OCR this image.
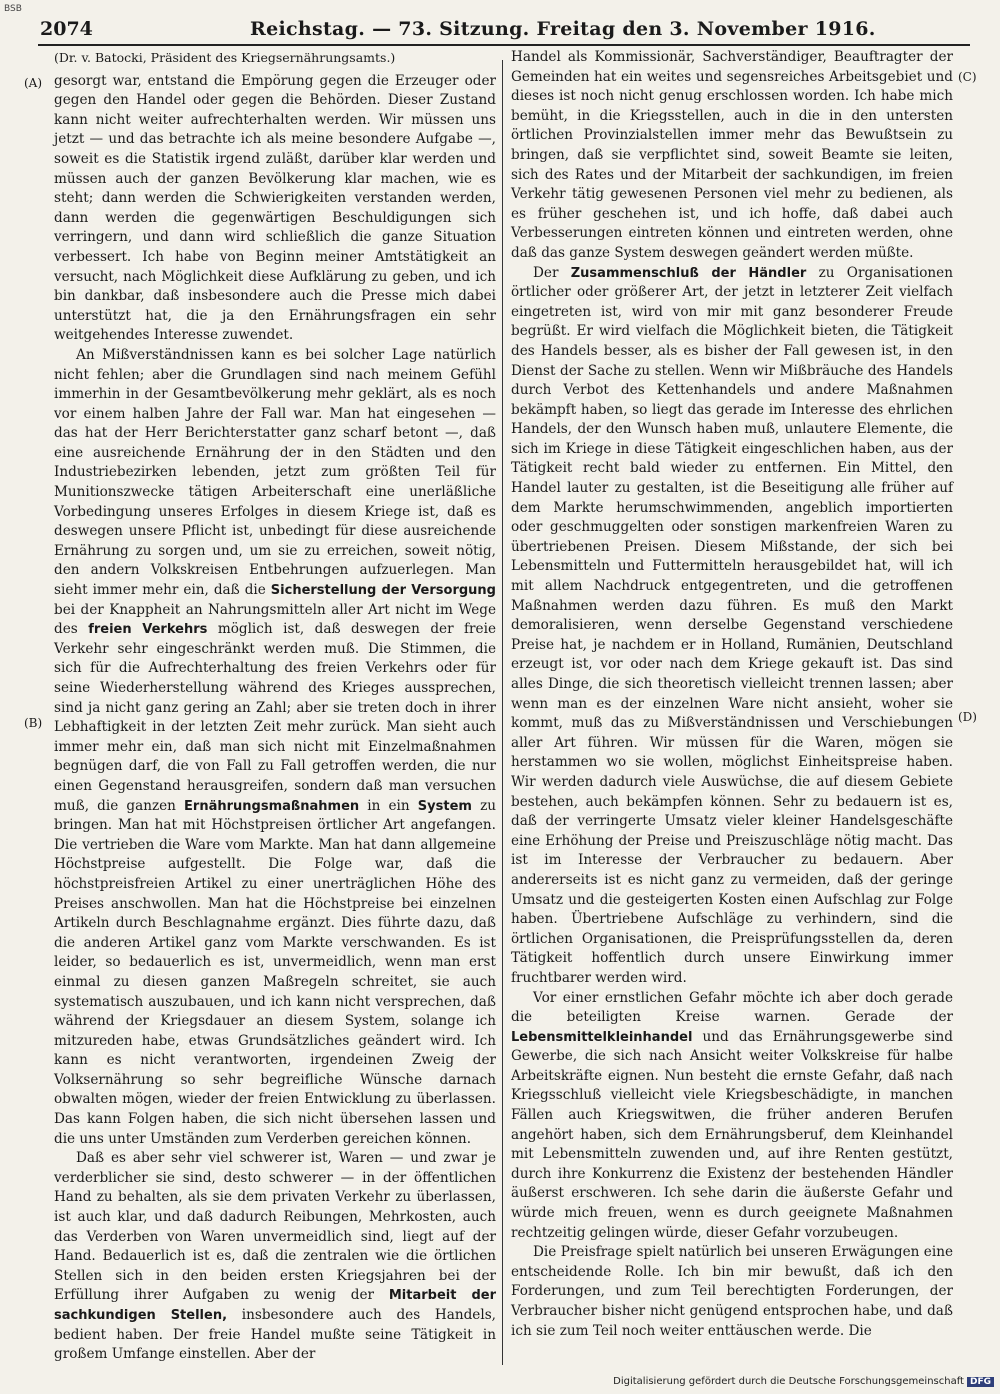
BSB
2074	Reichstag. — 73. Sitzung. Freitag den 3. November 1916.
(A)
(B)
(C)
(D)
(Dr. v. Batocki, Präsident des Kriegsernährungsamts.)

gesorgt war, entstand die Empörung gegen die Erzeuger oder gegen den Handel oder gegen die Behörden. Dieser Zustand kann nicht weiter aufrechterhalten werden. Wir müssen uns jetzt — und das betrachte ich als meine besondere Aufgabe —, soweit es die Statistik irgend zuläßt, darüber klar werden und müssen auch der ganzen Bevölkerung klar machen, wie es steht; dann werden die Schwierigkeiten verstanden werden, dann werden die gegenwärtigen Beschuldigungen sich verringern, und dann wird schließlich die ganze Situation verbessert. Ich habe von Beginn meiner Amtstätigkeit an versucht, nach Möglichkeit diese Aufklärung zu geben, und ich bin dankbar, daß insbesondere auch die Presse mich dabei unterstützt hat, die ja den Ernährungsfragen ein sehr weitgehendes Interesse zuwendet.

An Mißverständnissen kann es bei solcher Lage natürlich nicht fehlen; aber die Grundlagen sind nach meinem Gefühl immerhin in der Gesamtbevölkerung mehr geklärt, als es noch vor einem halben Jahre der Fall war. Man hat eingesehen — das hat der Herr Berichterstatter ganz scharf betont —, daß eine ausreichende Ernährung der in den Städten und den Industriebezirken lebenden, jetzt zum größten Teil für Munitionszwecke tätigen Arbeiterschaft eine unerläßliche Vorbedingung unseres Erfolges in diesem Kriege ist, daß es deswegen unsere Pflicht ist, unbedingt für diese ausreichende Ernährung zu sorgen und, um sie zu erreichen, soweit nötig, den andern Volkskreisen Entbehrungen aufzuerlegen. Man sieht immer mehr ein, daß die Sicherstellung der Versorgung bei der Knappheit an Nahrungsmitteln aller Art nicht im Wege des freien Verkehrs möglich ist, daß deswegen der freie Verkehr sehr eingeschränkt werden muß. Die Stimmen, die sich für die Aufrechterhaltung des freien Verkehrs oder für seine Wiederherstellung während des Krieges aussprechen, sind ja nicht ganz gering an Zahl; aber sie treten doch in ihrer Lebhaftigkeit in der letzten Zeit mehr zurück. Man sieht auch immer mehr ein, daß man sich nicht mit Einzelmaßnahmen begnügen darf, die von Fall zu Fall getroffen werden, die nur einen Gegenstand herausgreifen, sondern daß man versuchen muß, die ganzen Ernährungsmaßnahmen in ein System zu bringen. Man hat mit Höchstpreisen örtlicher Art angefangen. Die vertrieben die Ware vom Markte. Man hat dann allgemeine Höchstpreise aufgestellt. Die Folge war, daß die höchstpreisfreien Artikel zu einer unerträglichen Höhe des Preises anschwollen. Man hat die Höchstpreise bei einzelnen Artikeln durch Beschlagnahme ergänzt. Dies führte dazu, daß die anderen Artikel ganz vom Markte verschwanden. Es ist leider, so bedauerlich es ist, unvermeidlich, wenn man erst einmal zu diesen ganzen Maßregeln schreitet, sie auch systematisch auszubauen, und ich kann nicht versprechen, daß während der Kriegsdauer an diesem System, solange ich mitzureden habe, etwas Grundsätzliches geändert wird. Ich kann es nicht verantworten, irgendeinen Zweig der Volksernährung so sehr begreifliche Wünsche darnach obwalten mögen, wieder der freien Entwicklung zu überlassen. Das kann Folgen haben, die sich nicht übersehen lassen und die uns unter Umständen zum Verderben gereichen können.

Daß es aber sehr viel schwerer ist, Waren — und zwar je verderblicher sie sind, desto schwerer — in der öffentlichen Hand zu behalten, als sie dem privaten Verkehr zu überlassen, ist auch klar, und daß dadurch Reibungen, Mehrkosten, auch das Verderben von Waren unvermeidlich sind, liegt auf der Hand. Bedauerlich ist es, daß die zentralen wie die örtlichen Stellen sich in den beiden ersten Kriegsjahren bei der Erfüllung ihrer Aufgaben zu wenig der Mitarbeit der sachkundigen Stellen, insbesondere auch des Handels, bedient haben. Der freie Handel mußte seine Tätigkeit in großem Umfange einstellen. Aber der

Handel als Kommissionär, Sachverständiger, Beauftragter der Gemeinden hat ein weites und segensreiches Arbeitsgebiet und dieses ist noch nicht genug erschlossen worden. Ich habe mich bemüht, in die Kriegsstellen, auch in die in den untersten örtlichen Provinzialstellen immer mehr das Bewußtsein zu bringen, daß sie verpflichtet sind, soweit Beamte sie leiten, sich des Rates und der Mitarbeit der sachkundigen, im freien Verkehr tätig gewesenen Personen viel mehr zu bedienen, als es früher geschehen ist, und ich hoffe, daß dabei auch Verbesserungen eintreten können und eintreten werden, ohne daß das ganze System deswegen geändert werden müßte.

Der Zusammenschluß der Händler zu Organisationen örtlicher oder größerer Art, der jetzt in letzterer Zeit vielfach eingetreten ist, wird von mir mit ganz besonderer Freude begrüßt. Er wird vielfach die Möglichkeit bieten, die Tätigkeit des Handels besser, als es bisher der Fall gewesen ist, in den Dienst der Sache zu stellen. Wenn wir Mißbräuche des Handels durch Verbot des Kettenhandels und andere Maßnahmen bekämpft haben, so liegt das gerade im Interesse des ehrlichen Handels, der den Wunsch haben muß, unlautere Elemente, die sich im Kriege in diese Tätigkeit eingeschlichen haben, aus der Tätigkeit recht bald wieder zu entfernen. Ein Mittel, den Handel lauter zu gestalten, ist die Beseitigung alle früher auf dem Markte herumschwimmenden, angeblich importierten oder geschmuggelten oder sonstigen markenfreien Waren zu übertriebenen Preisen. Diesem Mißstande, der sich bei Lebensmitteln und Futtermitteln herausgebildet hat, will ich mit allem Nachdruck entgegentreten, und die getroffenen Maßnahmen werden dazu führen. Es muß den Markt demoralisieren, wenn derselbe Gegenstand verschiedene Preise hat, je nachdem er in Holland, Rumänien, Deutschland erzeugt ist, vor oder nach dem Kriege gekauft ist. Das sind alles Dinge, die sich theoretisch vielleicht trennen lassen; aber wenn man es der einzelnen Ware nicht ansieht, woher sie kommt, muß das zu Mißverständnissen und Verschiebungen aller Art führen. Wir müssen für die Waren, mögen sie herstammen wo sie wollen, möglichst Einheitspreise haben. Wir werden dadurch viele Auswüchse, die auf diesem Gebiete bestehen, auch bekämpfen können. Sehr zu bedauern ist es, daß der verringerte Umsatz vieler kleiner Handelsgeschäfte eine Erhöhung der Preise und Preiszuschläge nötig macht. Das ist im Interesse der Verbraucher zu bedauern. Aber andererseits ist es nicht ganz zu vermeiden, daß der geringe Umsatz und die gesteigerten Kosten einen Aufschlag zur Folge haben. Übertriebene Aufschläge zu verhindern, sind die örtlichen Organisationen, die Preisprüfungsstellen da, deren Tätigkeit hoffentlich durch unsere Einwirkung immer fruchtbarer werden wird.

Vor einer ernstlichen Gefahr möchte ich aber doch gerade die beteiligten Kreise warnen. Gerade der Lebensmittelkleinhandel und das Ernährungsgewerbe sind Gewerbe, die sich nach Ansicht weiter Volkskreise für halbe Arbeitskräfte eignen. Nun besteht die ernste Gefahr, daß nach Kriegsschluß vielleicht viele Kriegsbeschädigte, in manchen Fällen auch Kriegswitwen, die früher anderen Berufen angehört haben, sich dem Ernährungsberuf, dem Kleinhandel mit Lebensmitteln zuwenden und, auf ihre Renten gestützt, durch ihre Konkurrenz die Existenz der bestehenden Händler äußerst erschweren. Ich sehe darin die äußerste Gefahr und würde mich freuen, wenn es durch geeignete Maßnahmen rechtzeitig gelingen würde, dieser Gefahr vorzubeugen.

Die Preisfrage spielt natürlich bei unseren Erwägungen eine entscheidende Rolle. Ich bin mir bewußt, daß ich den Forderungen, und zum Teil berechtigten Forderungen, der Verbraucher bisher nicht genügend entsprochen habe, und daß ich sie zum Teil noch weiter enttäuschen werde. Die

Digitalisierung gefördert durch die Deutsche Forschungsgemeinschaft DFG
